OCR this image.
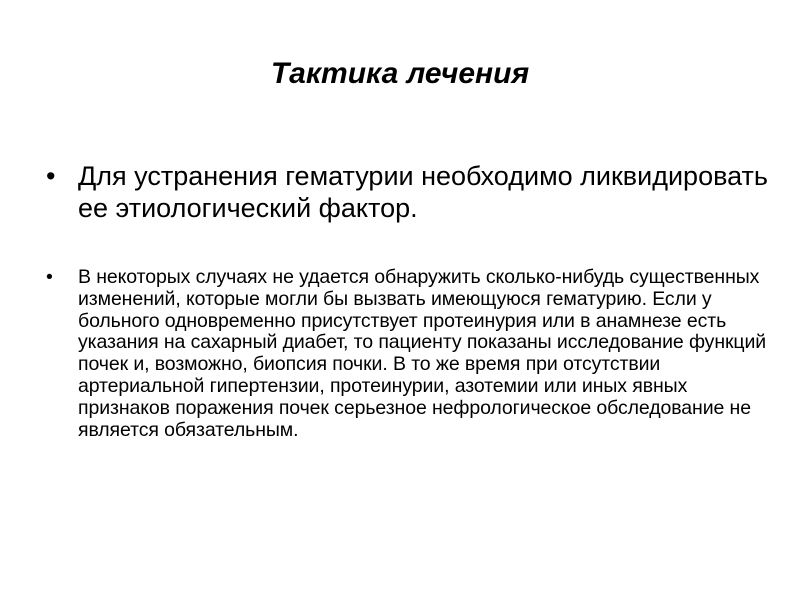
Тактика лечения
• Для устранения гематурии необходимо ликвидировать ее этиологический фактор.
• В некоторых случаях не удается обнаружить сколько-нибудь существенных изменений, которые могли бы вызвать имеющуюся гематурию. Если у больного одновременно присутствует протеинурия или в анамнезе есть указания на сахарный диабет, то пациенту показаны исследование функций почек и, возможно, биопсия почки. В то же время при отсутствии артериальной гипертензии, протеинурии, азотемии или иных явных признаков поражения почек серьезное нефрологическое обследование не является обязательным.
